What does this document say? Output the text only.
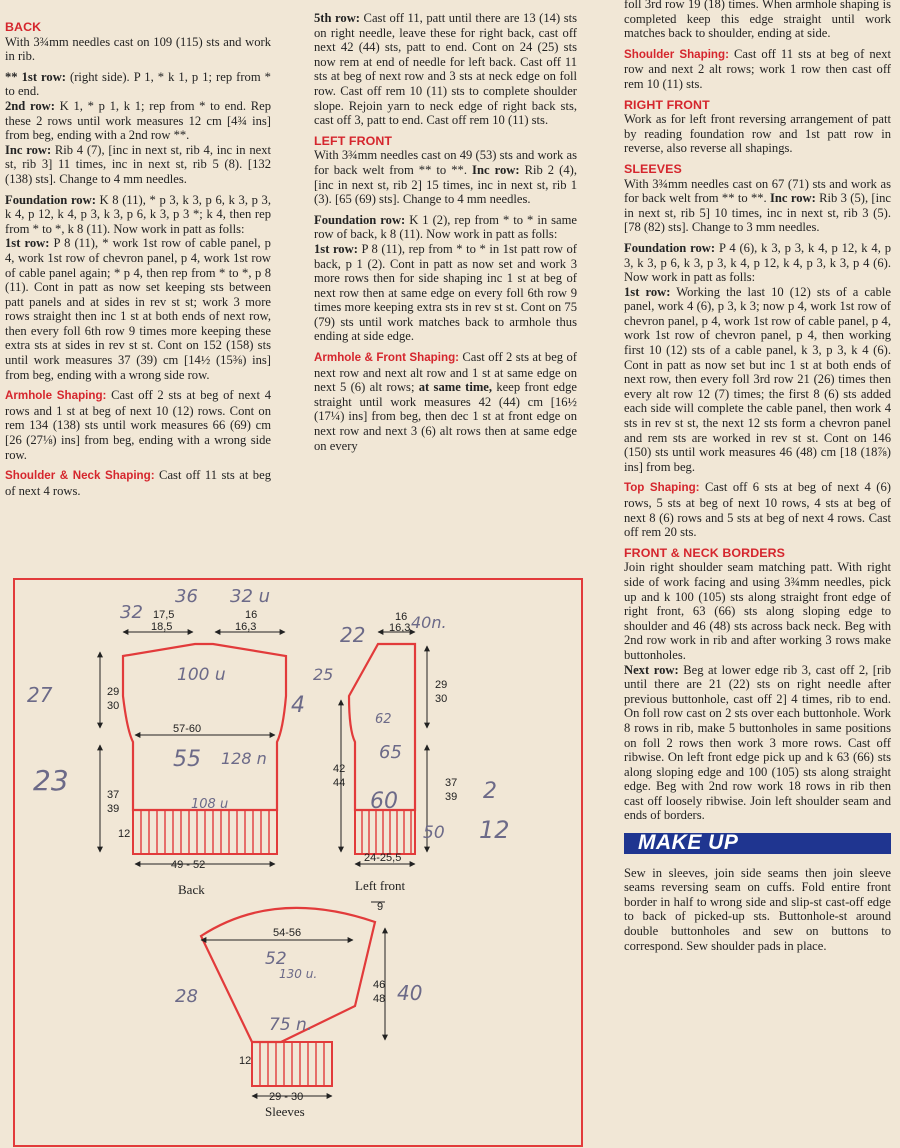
BACK

With 3¾mm needles cast on 109 (115) sts and work in rib.

** 1st row: (right side). P 1, * k 1, p 1; rep from * to end.

2nd row: K 1, * p 1, k 1; rep from * to end. Rep these 2 rows until work measures 12 cm [4¾ ins] from beg, ending with a 2nd row **.

Inc row: Rib 4 (7), [inc in next st, rib 4, inc in next st, rib 3] 11 times, inc in next st, rib 5 (8). [132 (138) sts]. Change to 4 mm needles.

Foundation row: K 8 (11), * p 3, k 3, p 6, k 3, p 3, k 4, p 12, k 4, p 3, k 3, p 6, k 3, p 3 *; k 4, then rep from * to *, k 8 (11). Now work in patt as folls:

1st row: P 8 (11), * work 1st row of cable panel, p 4, work 1st row of chevron panel, p 4, work 1st row of cable panel again; * p 4, then rep from * to *, p 8 (11). Cont in patt as now set keeping sts between patt panels and at sides in rev st st; work 3 more rows straight then inc 1 st at both ends of next row, then every foll 6th row 9 times more keeping these extra sts at sides in rev st st. Cont on 152 (158) sts until work measures 37 (39) cm [14½ (15⅜) ins] from beg, ending with a wrong side row.

Armhole Shaping: Cast off 2 sts at beg of next 4 rows and 1 st at beg of next 10 (12) rows. Cont on rem 134 (138) sts until work measures 66 (69) cm [26 (27⅛) ins] from beg, ending with a wrong side row.

Shoulder & Neck Shaping: Cast off 11 sts at beg of next 4 rows.

5th row: Cast off 11, patt until there are 13 (14) sts on right needle, leave these for right back, cast off next 42 (44) sts, patt to end. Cont on 24 (25) sts now rem at end of needle for left back. Cast off 11 sts at beg of next row and 3 sts at neck edge on foll row. Cast off rem 10 (11) sts to complete shoulder slope. Rejoin yarn to neck edge of right back sts, cast off 3, patt to end. Cast off rem 10 (11) sts.

LEFT FRONT

With 3¾mm needles cast on 49 (53) sts and work as for back welt from ** to **. Inc row: Rib 2 (4), [inc in next st, rib 2] 15 times, inc in next st, rib 1 (3). [65 (69) sts]. Change to 4 mm needles.

Foundation row: K 1 (2), rep from * to * in same row of back, k 8 (11). Now work in patt as folls:

1st row: P 8 (11), rep from * to * in 1st patt row of back, p 1 (2). Cont in patt as now set and work 3 more rows then for side shaping inc 1 st at beg of next row then at same edge on every foll 6th row 9 times more keeping extra sts in rev st st. Cont on 75 (79) sts until work matches back to armhole thus ending at side edge.

Armhole & Front Shaping: Cast off 2 sts at beg of next row and next alt row and 1 st at same edge on next 5 (6) alt rows; at same time, keep front edge straight until work measures 42 (44) cm [16½ (17¼) ins] from beg, then dec 1 st at front edge on next row and next 3 (6) alt rows then at same edge on every

foll 3rd row 19 (18) times. When armhole shaping is completed keep this edge straight until work matches back to shoulder, ending at side.

Shoulder Shaping: Cast off 11 sts at beg of next row and next 2 alt rows; work 1 row then cast off rem 10 (11) sts.

RIGHT FRONT

Work as for left front reversing arrangement of patt by reading foundation row and 1st patt row in reverse, also reverse all shapings.

SLEEVES

With 3¾mm needles cast on 67 (71) sts and work as for back welt from ** to **. Inc row: Rib 3 (5), [inc in next st, rib 5] 10 times, inc in next st, rib 3 (5). [78 (82) sts]. Change to 3 mm needles.

Foundation row: P 4 (6), k 3, p 3, k 4, p 12, k 4, p 3, k 3, p 6, k 3, p 3, k 4, p 12, k 4, p 3, k 3, p 4 (6). Now work in patt as folls:

1st row: Working the last 10 (12) sts of a cable panel, work 4 (6), p 3, k 3; now p 4, work 1st row of chevron panel, p 4, work 1st row of cable panel, p 4, work 1st row of chevron panel, p 4, then working first 10 (12) sts of a cable panel, k 3, p 3, k 4 (6). Cont in patt as now set but inc 1 st at both ends of next row, then every foll 3rd row 21 (26) times then every alt row 12 (7) times; the first 8 (6) sts added each side will complete the cable panel, then work 4 sts in rev st st, the next 12 sts form a chevron panel and rem sts are worked in rev st st. Cont on 146 (150) sts until work measures 46 (48) cm [18 (18⅞) ins] from beg.

Top Shaping: Cast off 6 sts at beg of next 4 (6) rows, 5 sts at beg of next 10 rows, 4 sts at beg of next 8 (6) rows and 5 sts at beg of next 4 rows. Cast off rem 20 sts.

FRONT & NECK BORDERS

Join right shoulder seam matching patt. With right side of work facing and using 3¾mm needles, pick up and k 100 (105) sts along straight front edge of right front, 63 (66) sts along sloping edge to shoulder and 46 (48) sts across back neck. Beg with 2nd row work in rib and after working 3 rows make buttonholes.

Next row: Beg at lower edge rib 3, cast off 2, [rib until there are 21 (22) sts on right needle after previous buttonhole, cast off 2] 4 times, rib to end. On foll row cast on 2 sts over each buttonhole. Work 8 rows in rib, make 5 buttonholes in same positions on foll 2 rows then work 3 more rows. Cast off ribwise. On left front edge pick up and k 63 (66) sts along sloping edge and 100 (105) sts along straight edge. Beg with 2nd row work 18 rows in rib then cast off loosely ribwise. Join left shoulder seam and ends of borders.

MAKE UP

Sew in sleeves, join side seams then join sleeve seams reversing seam on cuffs. Fold entire front border in half to wrong side and slip-st cast-off edge to back of picked-up sts. Buttonhole-st around double buttonholes and sew on buttons to correspond. Sew shoulder pads in place.

17,5
18,5
16
16,3
29
30
57-60
37
39
12
49 - 52
Back
16
16,3
29
30
42
44	37
39
24-25,5
Left front
9
54-56
46
48
12
29 - 30
Sleeves
32
36 32 u
40n.
100 u
55 128 n
108 u
27
23
4
25
22
62
65
60
50 12
2
52
130 u.
28	40
75 n.
